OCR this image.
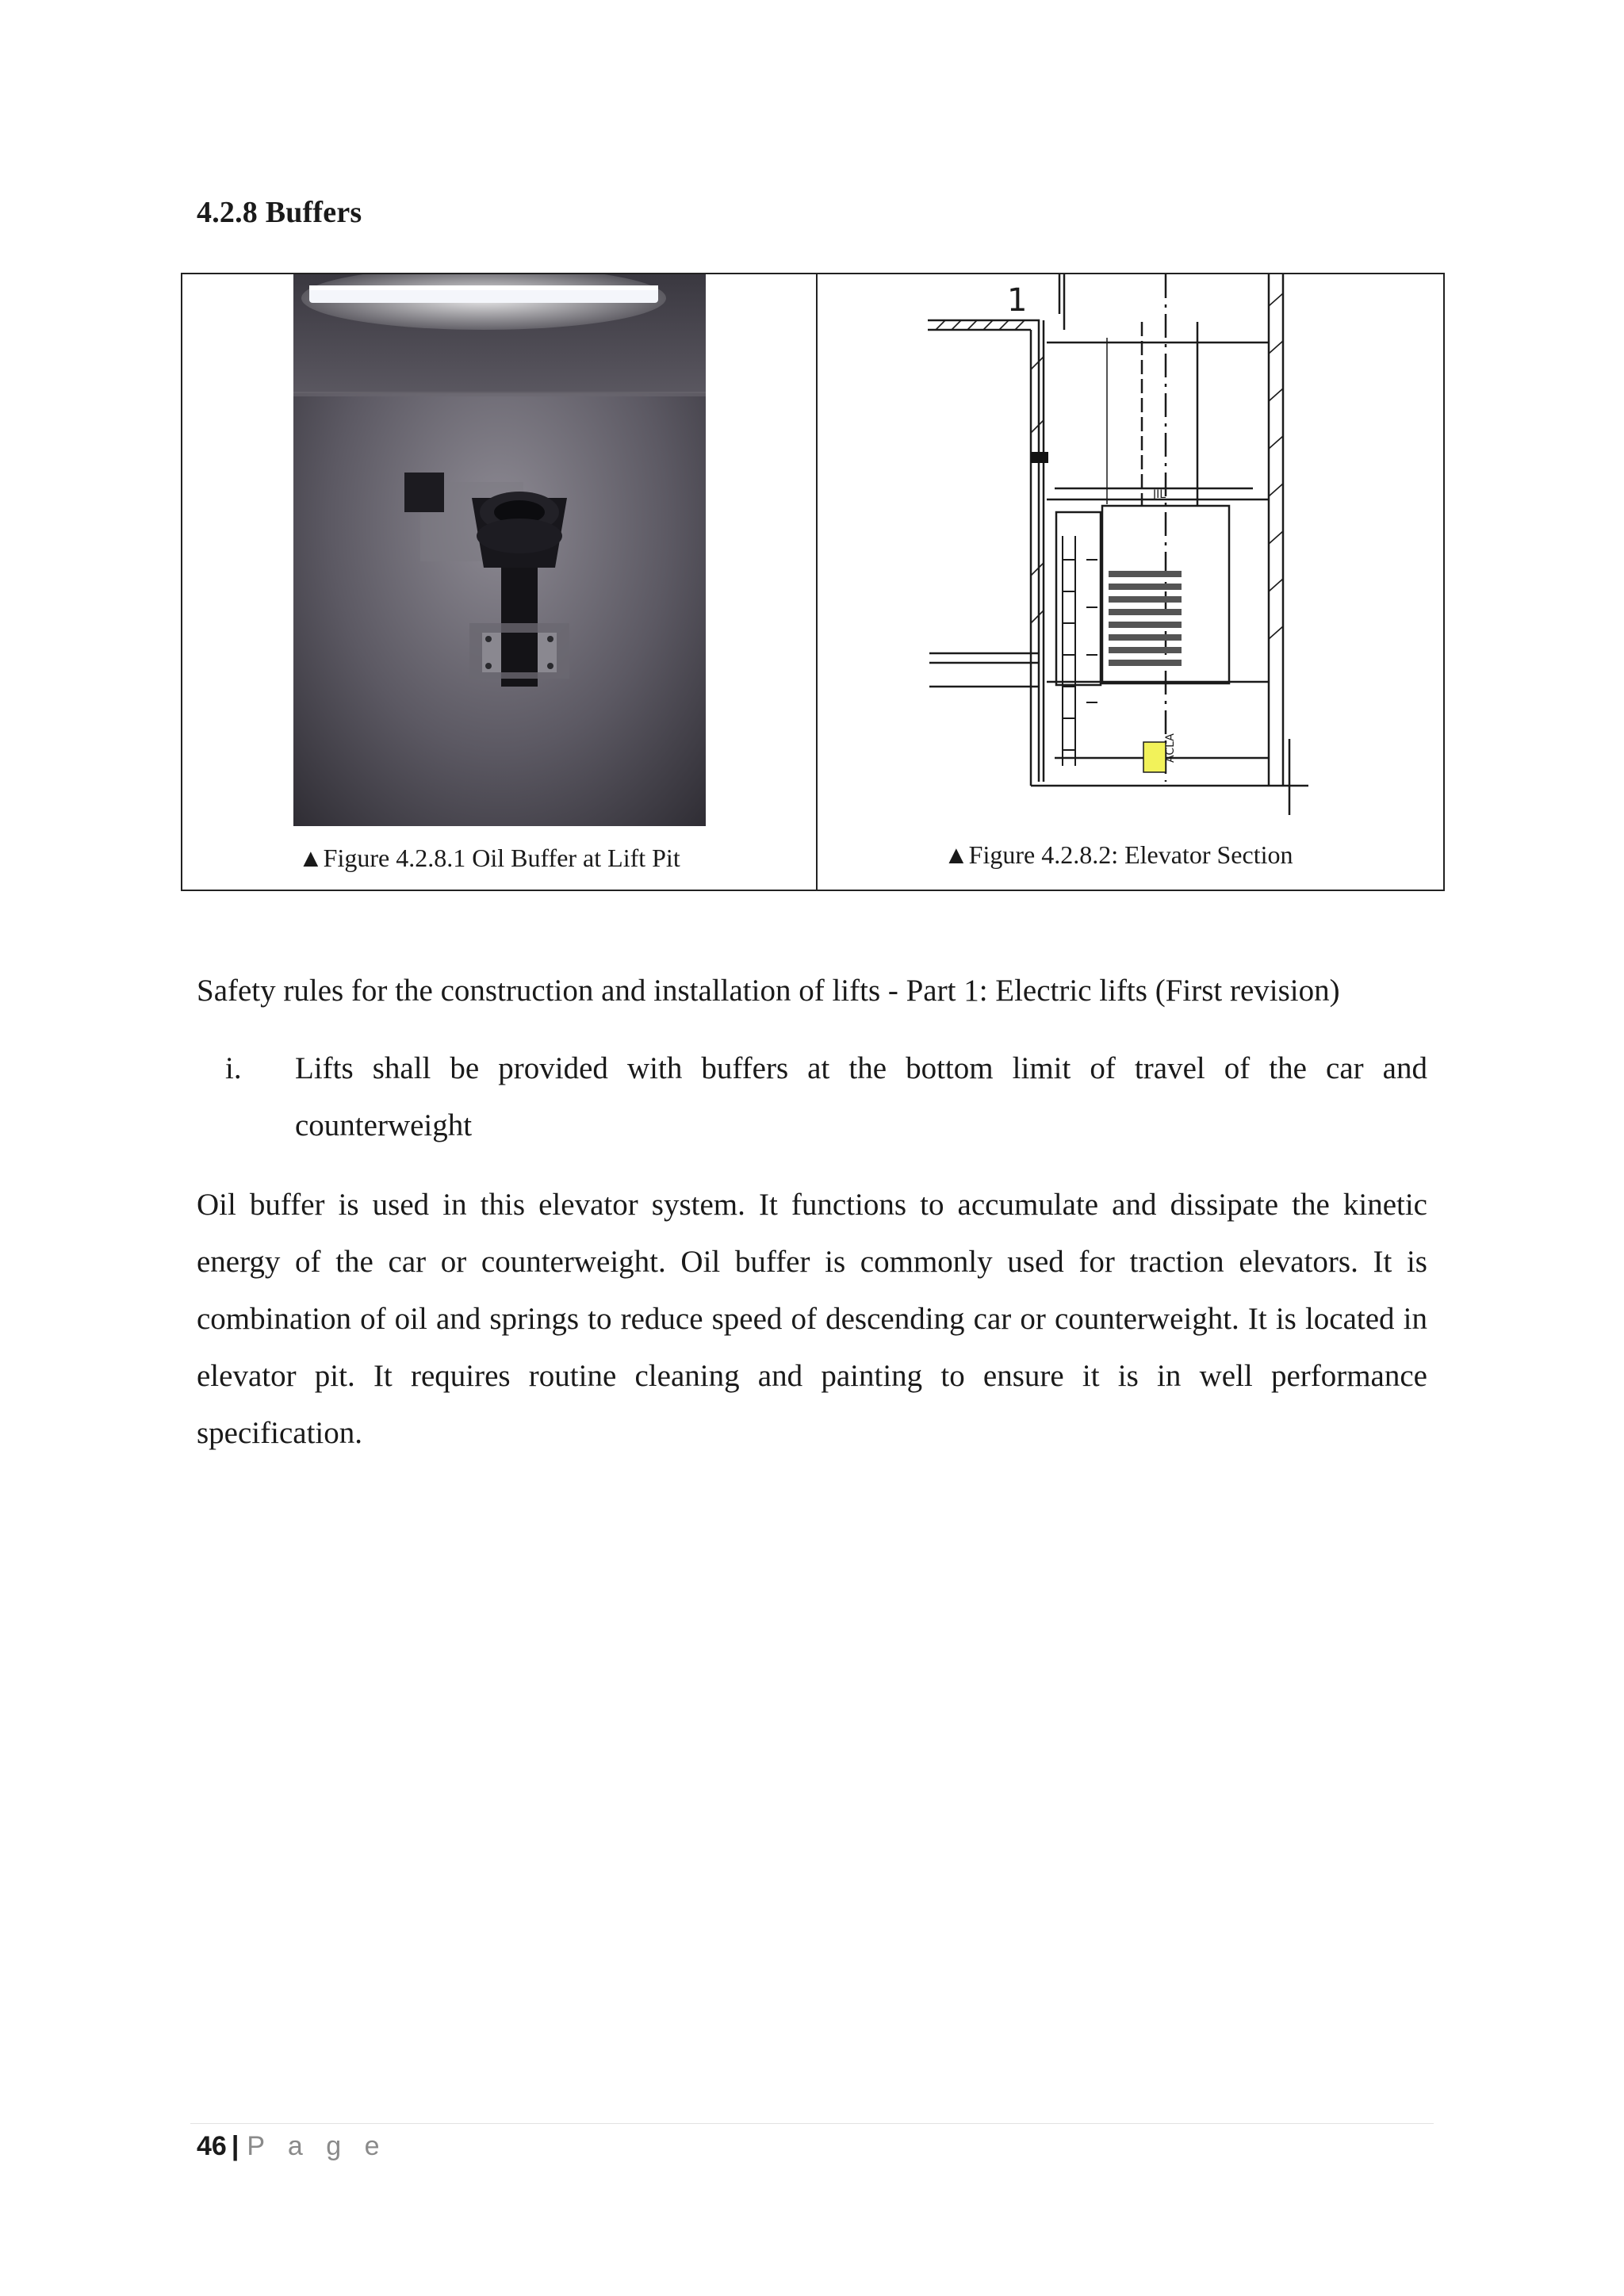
4.2.8 Buffers
▲Figure 4.2.8.1 Oil Buffer at Lift Pit
1
JIL
ACLA
▲Figure 4.2.8.2: Elevator Section
Safety rules for the construction and installation of lifts - Part 1: Electric lifts (First revision)
i. Lifts shall be provided with buffers at the bottom limit of travel of the car and counterweight
Oil buffer is used in this elevator system. It functions to accumulate and dissipate the kinetic energy of the car or counterweight. Oil buffer is commonly used for traction elevators. It is combination of oil and springs to reduce speed of descending car or counterweight. It is located in elevator pit. It requires routine cleaning and painting to ensure it is in well performance specification.
46 | P a g e
